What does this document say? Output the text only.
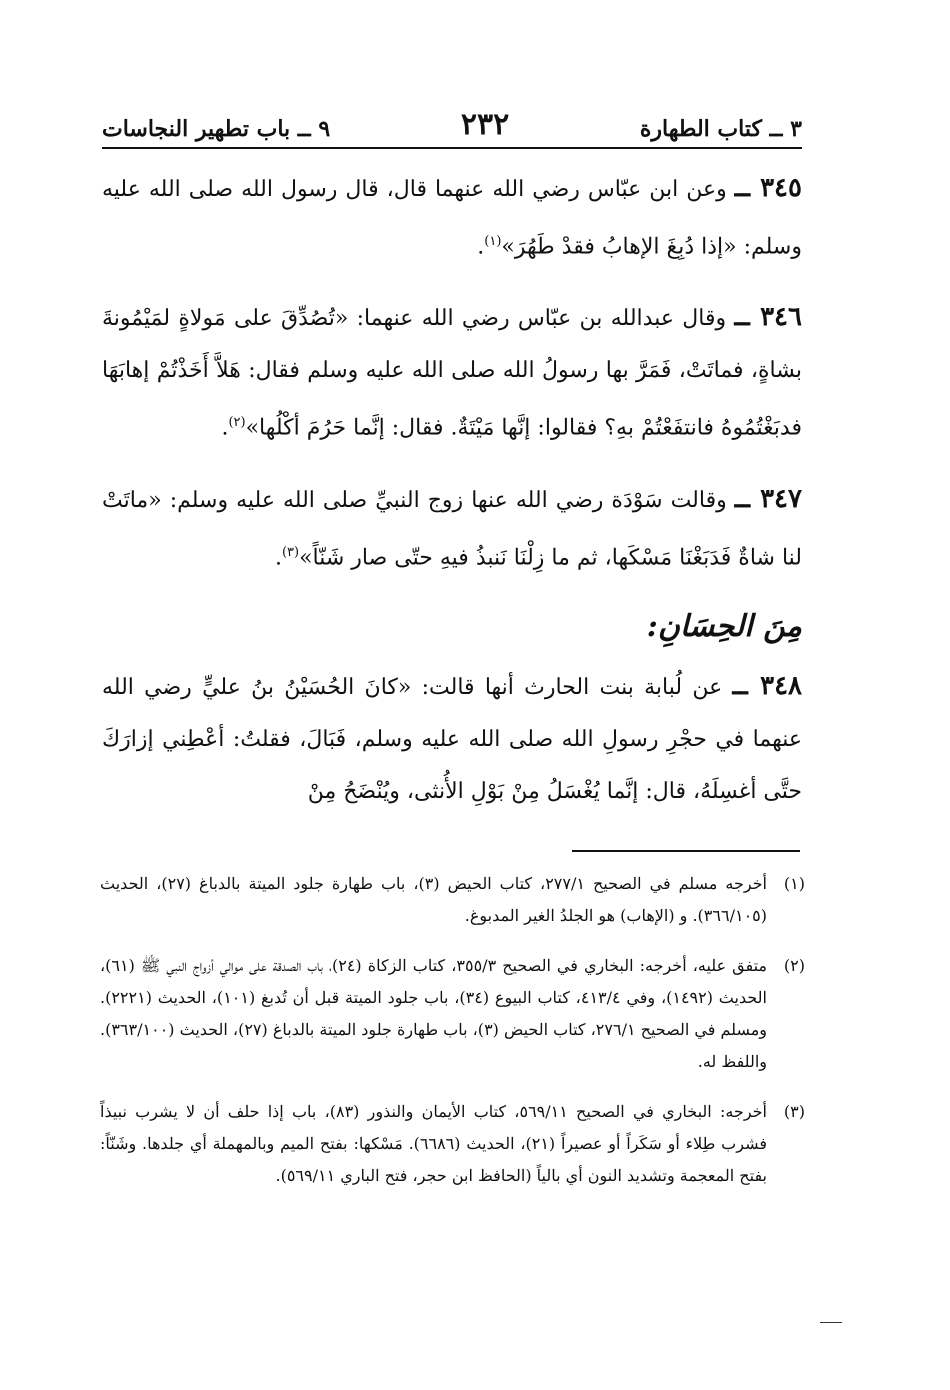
٣ ــ كتاب الطهارة
٢٣٢
٩ ــ باب تطهير النجاسات

٣٤٥ ــ وعن ابن عبّاس رضي الله عنهما قال، قال رسول الله صلى الله عليه وسلم: «إذا دُبِغَ الإهابُ فقدْ طَهُرَ»$^{(١)}$.

٣٤٦ ــ وقال عبدالله بن عبّاس رضي الله عنهما: «تُصُدِّقَ على مَولاةٍ لمَيْمُونةَ بشاةٍ، فماتَتْ، فَمَرَّ بها رسولُ الله صلى الله عليه وسلم فقال: هَلاَّ أَخَذْتُمْ إهابَهَا فدبَغْتُمُوهُ فانتفَعْتُمْ بهِ؟ فقالوا: إنَّها مَيْتَةٌ. فقال: إنَّما حَرُمَ أكْلُها»$^{(٢)}$.

٣٤٧ ــ وقالت سَوْدَة رضي الله عنها زوج النبيِّ صلى الله عليه وسلم: «ماتَتْ لنا شاةٌ فَدَبَغْنَا مَسْكَها، ثم ما زِلْنَا نَنبذُ فيهِ حتّى صار شَنّاً»$^{(٣)}$.

مِنَ الحِسَانِ:

٣٤٨ ــ عن لُبابة بنت الحارث أنها قالت: «كانَ الحُسَيْنُ بنُ عليٍّ رضي الله عنهما في حجْرِ رسولِ الله صلى الله عليه وسلم، فَبَالَ، فقلتُ: أعْطِني إزارَكَ حتَّى أغسِلَهُ، قال: إنَّما يُغْسَلُ مِنْ بَوْلِ الأُنثى، ويُنْضَحُ مِنْ

(١)
أخرجه مسلم في الصحيح ٢٧٧/١، كتاب الحيض (٣)، باب طهارة جلود الميتة بالدباغ (٢٧)، الحديث (٣٦٦/١٠٥). و (الإهاب) هو الجلدُ الغير المدبوغ.
(٢)
متفق عليه، أخرجه: البخاري في الصحيح ٣٥٥/٣، كتاب الزكاة (٢٤)، باب الصدقة على موالي أزواج النبي ﷺ (٦١)، الحديث (١٤٩٢)، وفي ٤١٣/٤، كتاب البيوع (٣٤)، باب جلود الميتة قبل أن تُدبغ (١٠١)، الحديث (٢٢٢١). ومسلم في الصحيح ٢٧٦/١، كتاب الحيض (٣)، باب طهارة جلود الميتة بالدباغ (٢٧)، الحديث (٣٦٣/١٠٠). واللفظ له.
(٣)
أخرجه: البخاري في الصحيح ٥٦٩/١١، كتاب الأيمان والنذور (٨٣)، باب إذا حلف أن لا يشرب نبيذاً فشرب طِلاء أو سَكَراً أو عصيراً (٢١)، الحديث (٦٦٨٦). مَسْكها: بفتح الميم وبالمهملة أي جلدها. وشَنّاً: بفتح المعجمة وتشديد النون أي بالياً (الحافظ ابن حجر، فتح الباري ٥٦٩/١١).
